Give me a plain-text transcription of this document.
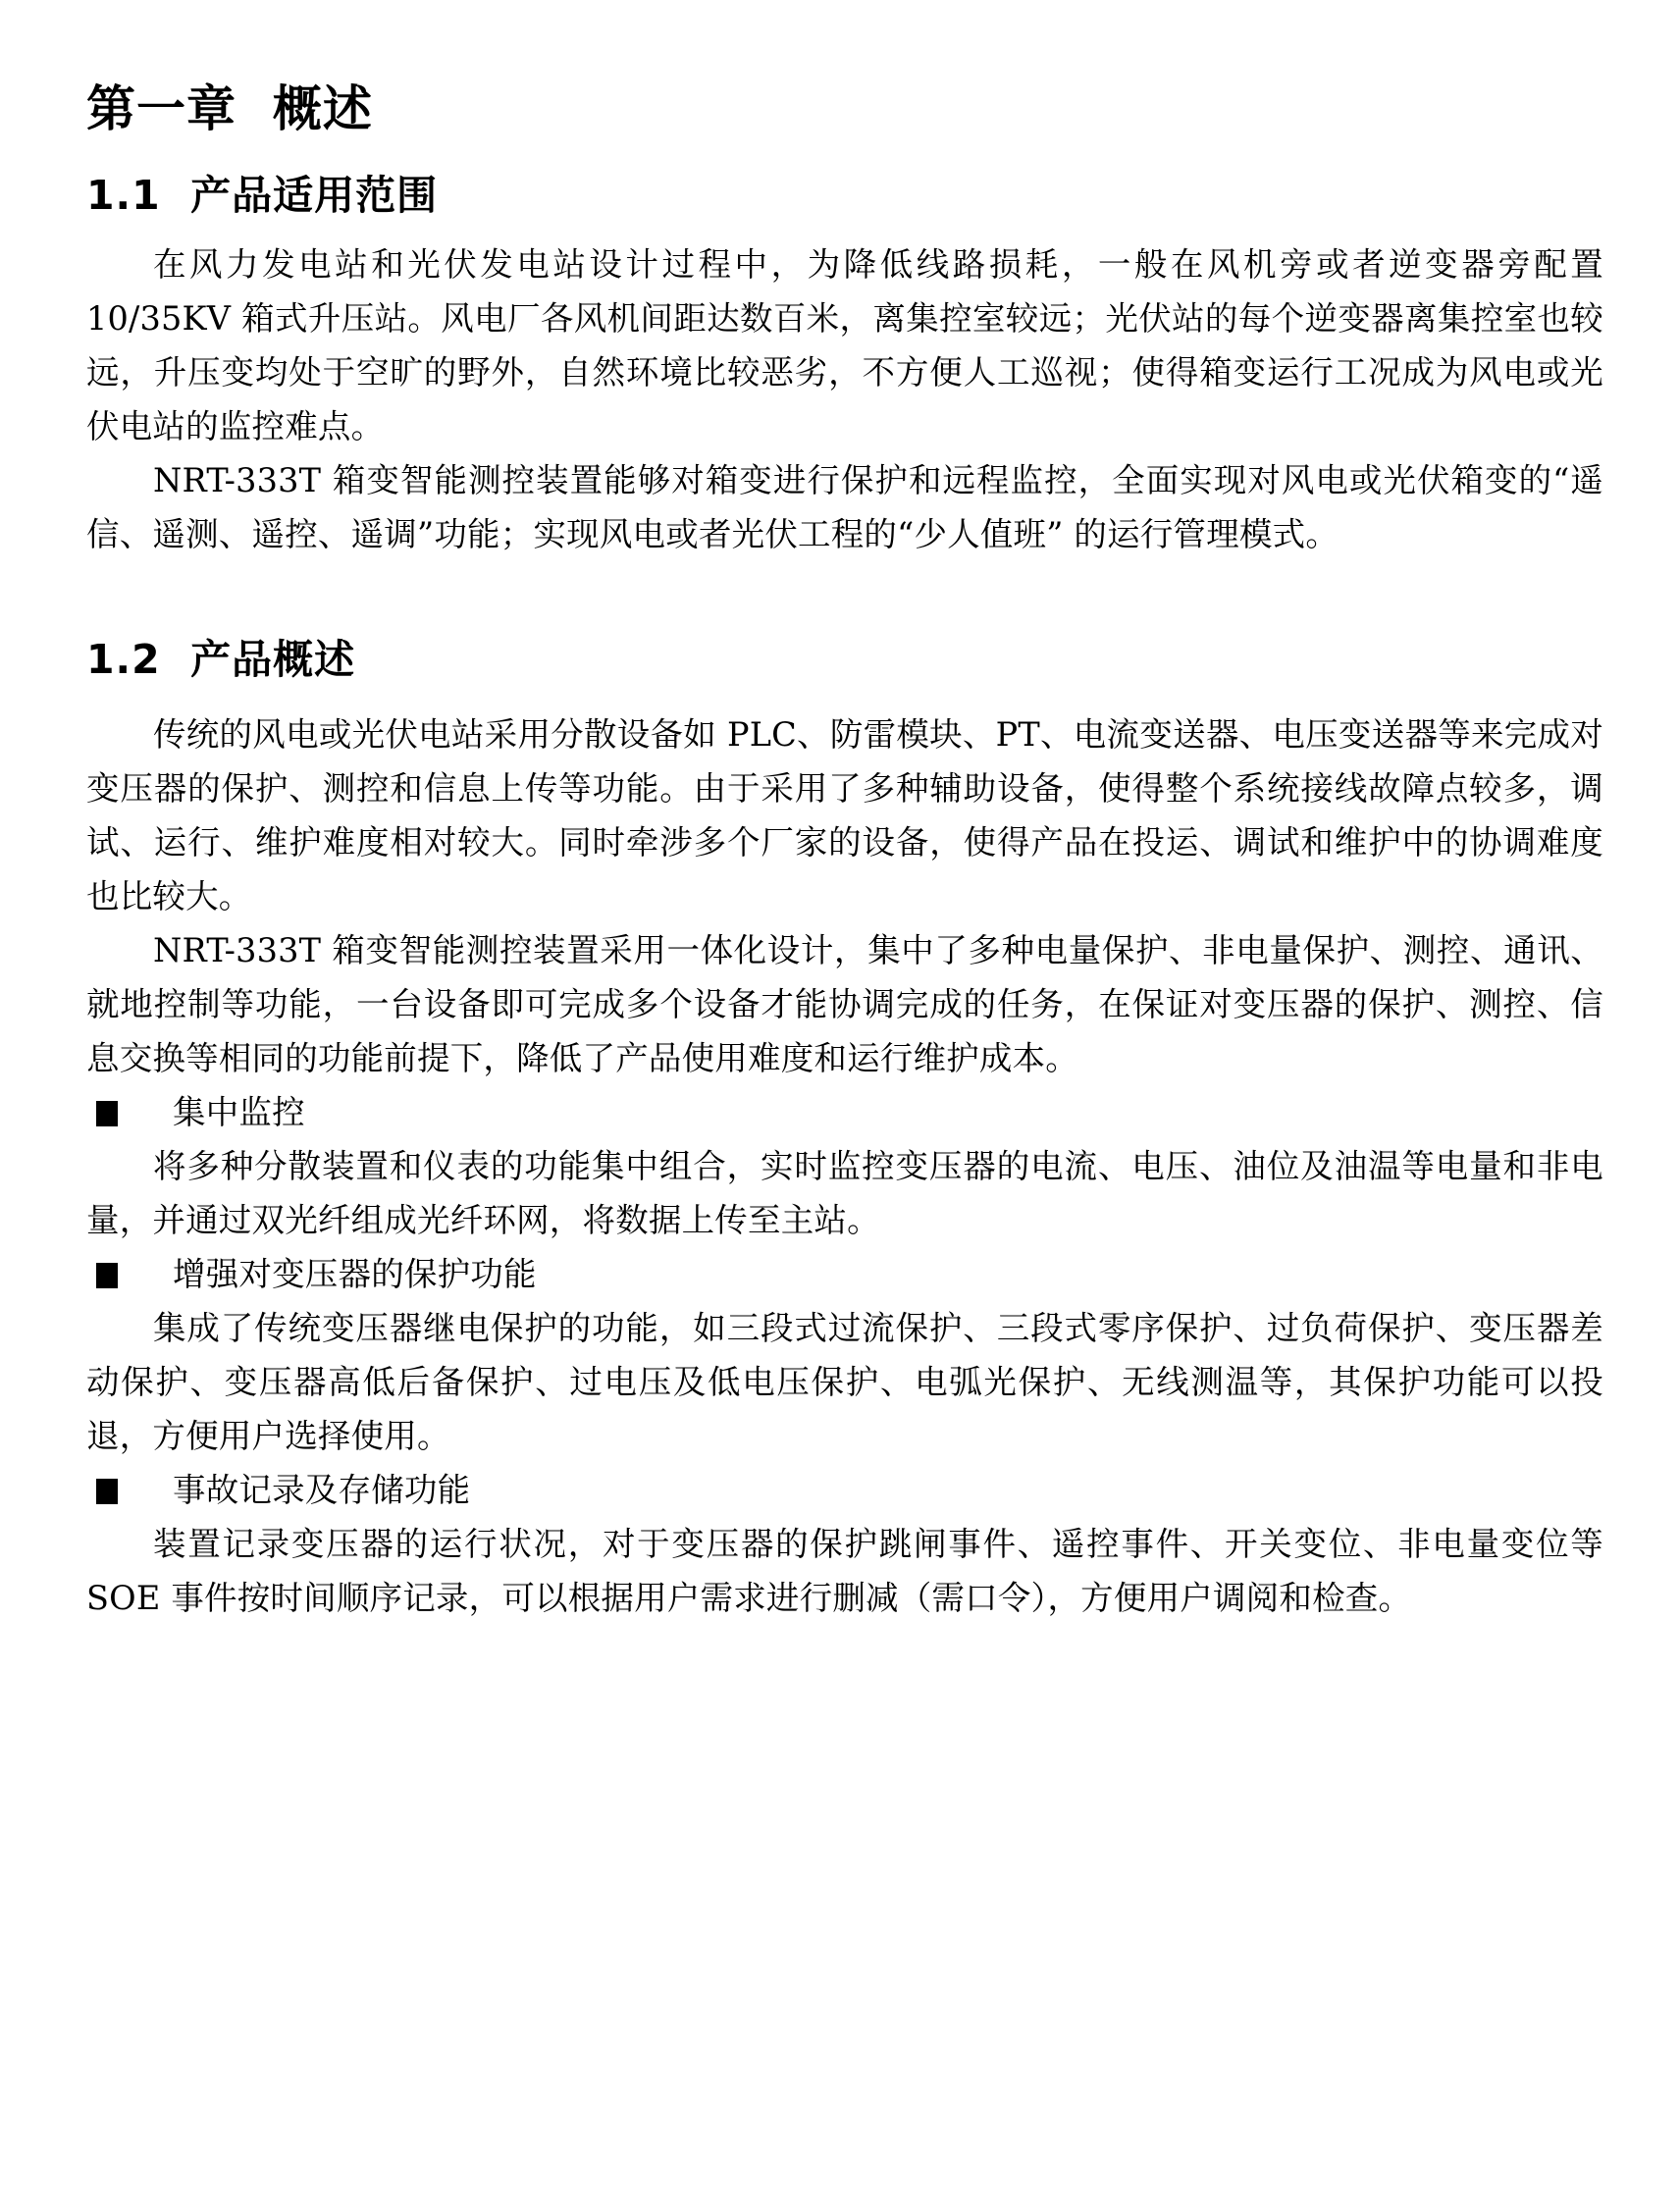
第一章  概述
1.1  产品适用范围

在风力发电站和光伏发电站设计过程中，为降低线路损耗，一般在风机旁或者逆变器旁配置 10/35KV 箱式升压站。风电厂各风机间距达数百米，离集控室较远；光伏站的每个逆变器离集控室也较远，升压变均处于空旷的野外，自然环境比较恶劣，不方便人工巡视；使得箱变运行工况成为风电或光伏电站的监控难点。

NRT-333T 箱变智能测控装置能够对箱变进行保护和远程监控，全面实现对风电或光伏箱变的“遥信、遥测、遥控、遥调”功能；实现风电或者光伏工程的“少人值班” 的运行管理模式。

1.2  产品概述

传统的风电或光伏电站采用分散设备如 PLC、防雷模块、PT、电流变送器、电压变送器等来完成对变压器的保护、测控和信息上传等功能。由于采用了多种辅助设备，使得整个系统接线故障点较多，调试、运行、维护难度相对较大。同时牵涉多个厂家的设备，使得产品在投运、调试和维护中的协调难度也比较大。

NRT-333T 箱变智能测控装置采用一体化设计，集中了多种电量保护、非电量保护、测控、通讯、就地控制等功能，一台设备即可完成多个设备才能协调完成的任务，在保证对变压器的保护、测控、信息交换等相同的功能前提下，降低了产品使用难度和运行维护成本。

集中监控

将多种分散装置和仪表的功能集中组合，实时监控变压器的电流、电压、油位及油温等电量和非电量，并通过双光纤组成光纤环网，将数据上传至主站。

增强对变压器的保护功能

集成了传统变压器继电保护的功能，如三段式过流保护、三段式零序保护、过负荷保护、变压器差动保护、变压器高低后备保护、过电压及低电压保护、电弧光保护、无线测温等，其保护功能可以投退，方便用户选择使用。

事故记录及存储功能

装置记录变压器的运行状况，对于变压器的保护跳闸事件、遥控事件、开关变位、非电量变位等 SOE 事件按时间顺序记录，可以根据用户需求进行删减（需口令），方便用户调阅和检查。
